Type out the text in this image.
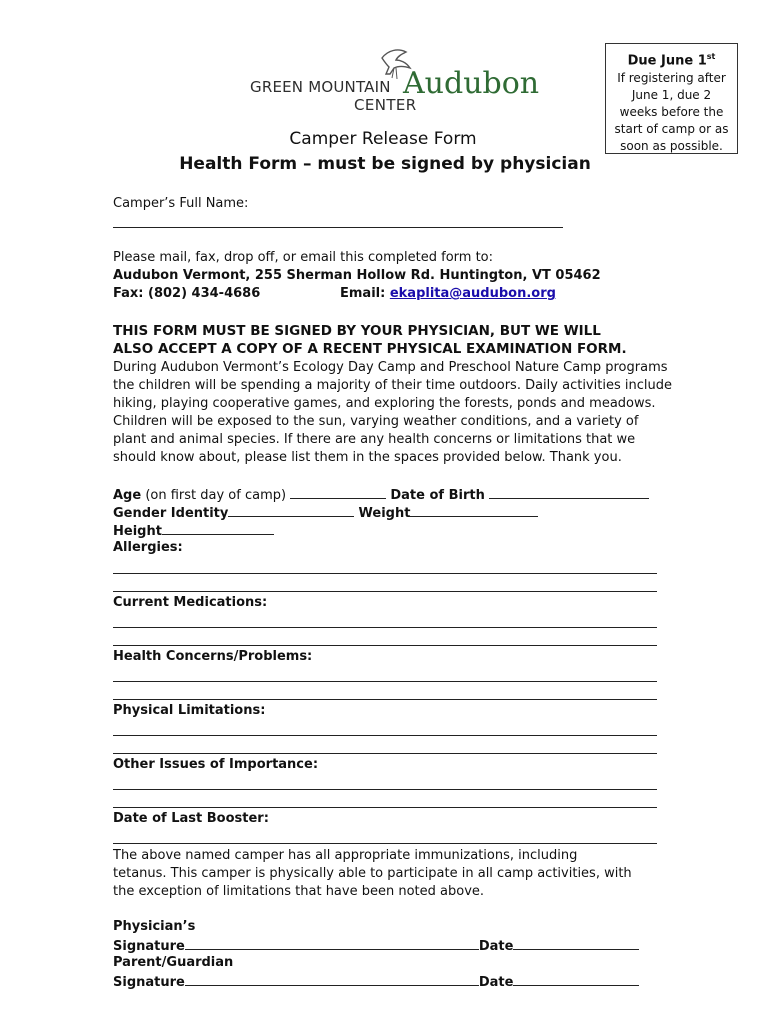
GREEN MOUNTAIN Audubon
CENTER
Due June 1st
If registering after June 1, due 2 weeks before the start of camp or as soon as possible.
Camper Release Form
Health Form – must be signed by physician
Camper’s Full Name:
Please mail, fax, drop off, or email this completed form to:
Audubon Vermont, 255 Sherman Hollow Rd. Huntington, VT 05462
Fax: (802) 434-4686	Email: ekaplita@audubon.org
THIS FORM MUST BE SIGNED BY YOUR PHYSICIAN, BUT WE WILL
ALSO ACCEPT A COPY OF A RECENT PHYSICAL EXAMINATION FORM.
During Audubon Vermont’s Ecology Day Camp and Preschool Nature Camp programs the children will be spending a majority of their time outdoors. Daily activities include hiking, playing cooperative games, and exploring the forests, ponds and meadows. Children will be exposed to the sun, varying weather conditions, and a variety of plant and animal species. If there are any health concerns or limitations that we should know about, please list them in the spaces provided below. Thank you.
Age (on first day of camp)	Date of Birth
Gender Identity	Weight
Height
Allergies:
Current Medications:
Health Concerns/Problems:
Physical Limitations:
Other Issues of Importance:
Date of Last Booster:
The above named camper has all appropriate immunizations, including tetanus. This camper is physically able to participate in all camp activities, with the exception of limitations that have been noted above.
Physician’s
Signature	Date
Parent/Guardian
Signature	Date
